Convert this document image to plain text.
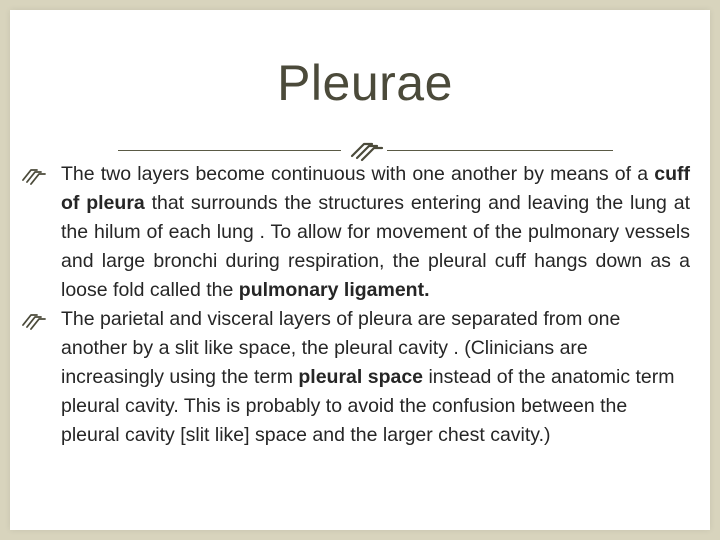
Pleurae
The two layers become continuous with one another by means of a cuff of pleura that surrounds the structures entering and leaving the lung at the hilum of each lung . To allow for movement of the pulmonary vessels and large bronchi during respiration, the pleural cuff hangs down as a loose fold called the pulmonary ligament.
The parietal and visceral layers of pleura are separated from one another by a slit like space, the pleural cavity . (Clinicians are increasingly using the term pleural space instead of the anatomic term pleural cavity. This is probably to avoid the confusion between the pleural cavity [slit like] space and the larger chest cavity.)
